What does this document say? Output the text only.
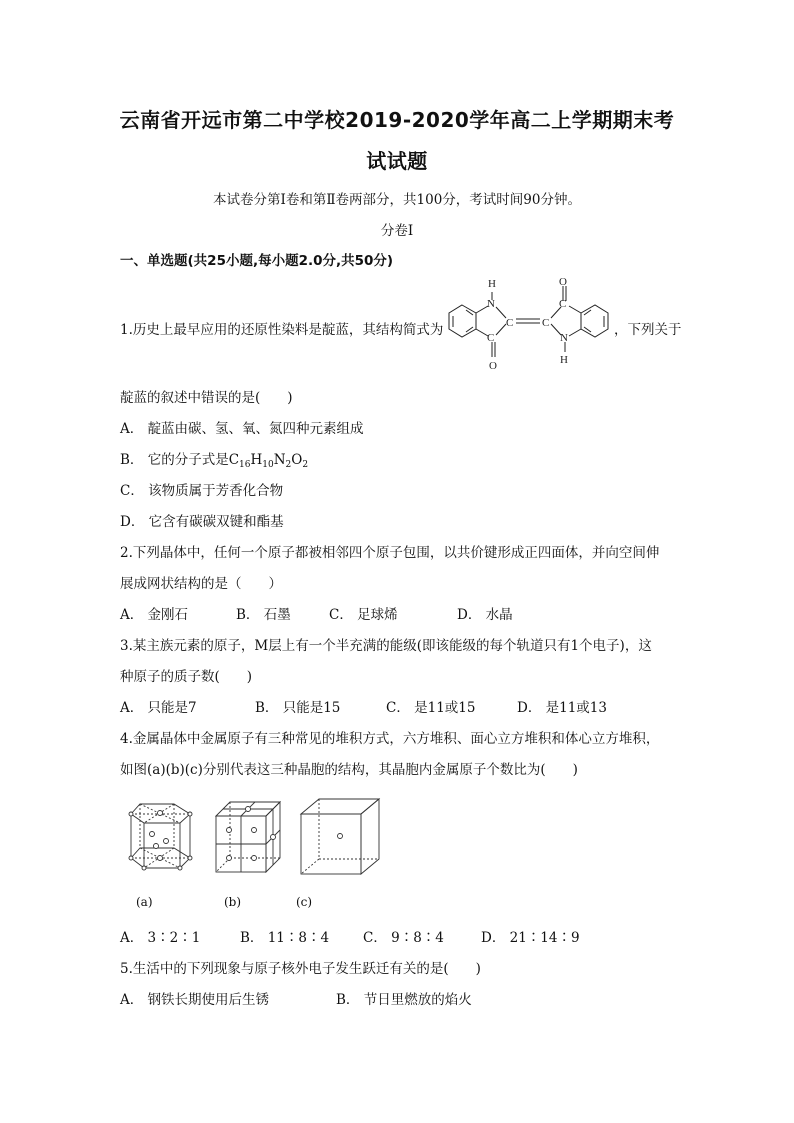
云南省开远市第二中学校2019-2020学年高二上学期期末考
试试题
本试卷分第Ⅰ卷和第Ⅱ卷两部分，共100分，考试时间90分钟。
分卷I
一、单选题(共25小题,每小题2.0分,共50分)
1.历史上最早应用的还原性染料是靛蓝，其结构简式为
H
N
C
C
O
C
O
C
N
H
，下列关于
靛蓝的叙述中错误的是(　　)
A． 靛蓝由碳、氢、氧、氮四种元素组成
B． 它的分子式是$C_{16}H_{10}N_2O_2$
C． 该物质属于芳香化合物
D． 它含有碳碳双键和酯基
2.下列晶体中，任何一个原子都被相邻四个原子包围，以共价键形成正四面体，并向空间伸
展成网状结构的是（　　）
A． 金刚石	B． 石墨	C． 足球烯	D． 水晶
3.某主族元素的原子，M层上有一个半充满的能级(即该能级的每个轨道只有1个电子)，这
种原子的质子数(　　)
A． 只能是7	B． 只能是15	C． 是11或15	D． 是11或13
4.金属晶体中金属原子有三种常见的堆积方式，六方堆积、面心立方堆积和体心立方堆积，
如图(a)(b)(c)分别代表这三种晶胞的结构，其晶胞内金属原子个数比为(　　)
(a)	(b)	(c)
A． 3∶2∶1	B． 11∶8∶4	C． 9∶8∶4	D． 21∶14∶9
5.生活中的下列现象与原子核外电子发生跃迁有关的是(　　)
A． 钢铁长期使用后生锈	B． 节日里燃放的焰火
